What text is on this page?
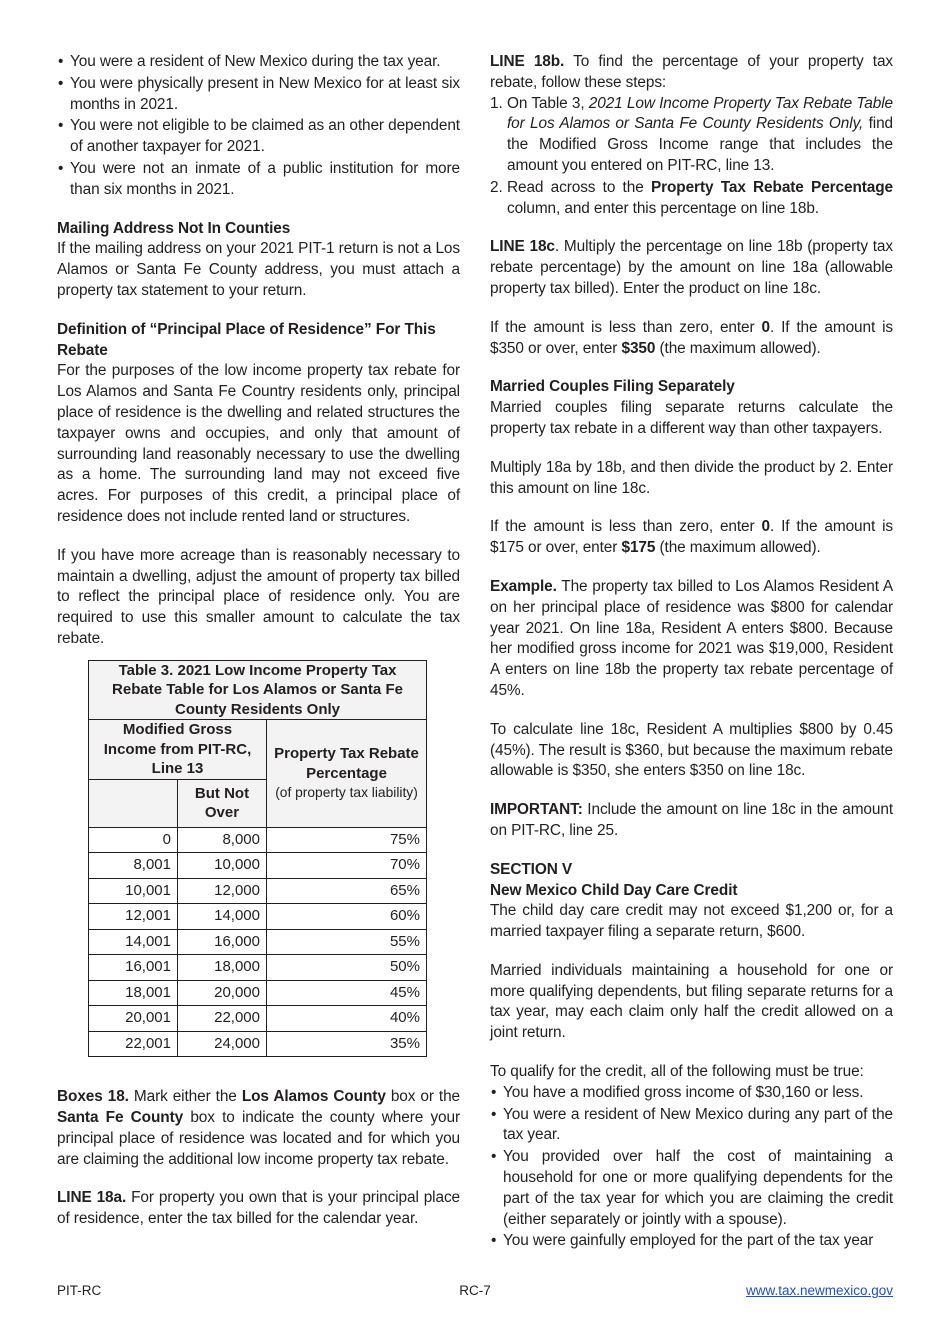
• You were a resident of New Mexico during the tax year.
• You were physically present in New Mexico for at least six months in 2021.
• You were not eligible to be claimed as an other dependent of another taxpayer for 2021.
• You were not an inmate of a public institution for more than six months in 2021.
Mailing Address Not In Counties

If the mailing address on your 2021 PIT-1 return is not a Los Alamos or Santa Fe County address, you must attach a property tax statement to your return.

Definition of “Principal Place of Residence” For This Rebate

For the purposes of the low income property tax rebate for Los Alamos and Santa Fe Country residents only, principal place of residence is the dwelling and related structures the taxpayer owns and occupies, and only that amount of surrounding land reasonably necessary to use the dwelling as a home. The surrounding land may not exceed five acres. For purposes of this credit, a principal place of residence does not include rented land or structures.

If you have more acreage than is reasonably necessary to maintain a dwelling, adjust the amount of property tax billed to reflect the principal place of residence only. You are required to use this smaller amount to calculate the tax rebate.

Table 3. 2021 Low Income Property Tax Rebate Table for Los Alamos or Santa Fe County Residents Only		
Modified Gross Income from PIT-RC, Line 13		Property Tax Rebate Percentage
(of property tax liability)

	But Not Over	
0	8,000	75%
8,001	10,000	70%
10,001	12,000	65%
12,001	14,000	60%
14,001	16,000	55%
16,001	18,000	50%
18,001	20,000	45%
20,001	22,000	40%
22,001	24,000	35%

Boxes 18. Mark either the Los Alamos County box or the Santa Fe County box to indicate the county where your principal place of residence was located and for which you are claiming the additional low income property tax rebate.

LINE 18a. For property you own that is your principal place of residence, enter the tax billed for the calendar year.

LINE 18b. To find the percentage of your property tax rebate, follow these steps:

1. On Table 3, 2021 Low Income Property Tax Rebate Table for Los Alamos or Santa Fe County Residents Only, find the Modified Gross Income range that includes the amount you entered on PIT-RC, line 13.
2. Read across to the Property Tax Rebate Percentage column, and enter this percentage on line 18b.

LINE 18c. Multiply the percentage on line 18b (property tax rebate percentage) by the amount on line 18a (allowable property tax billed). Enter the product on line 18c.

If the amount is less than zero, enter 0. If the amount is $350 or over, enter $350 (the maximum allowed).

Married Couples Filing Separately

Married couples filing separate returns calculate the property tax rebate in a different way than other taxpayers.

Multiply 18a by 18b, and then divide the product by 2. Enter this amount on line 18c.

If the amount is less than zero, enter 0. If the amount is $175 or over, enter $175 (the maximum allowed).

Example. The property tax billed to Los Alamos Resident A on her principal place of residence was $800 for calendar year 2021. On line 18a, Resident A enters $800. Because her modified gross income for 2021 was $19,000, Resident A enters on line 18b the property tax rebate percentage of 45%.

To calculate line 18c, Resident A multiplies $800 by 0.45 (45%). The result is $360, but because the maximum rebate allowable is $350, she enters $350 on line 18c.

IMPORTANT: Include the amount on line 18c in the amount on PIT-RC, line 25.

SECTION V
New Mexico Child Day Care Credit

The child day care credit may not exceed $1,200 or, for a married taxpayer filing a separate return, $600.

Married individuals maintaining a household for one or more qualifying dependents, but filing separate returns for a tax year, may each claim only half the credit allowed on a joint return.

To qualify for the credit, all of the following must be true:

• You have a modified gross income of $30,160 or less.
• You were a resident of New Mexico during any part of the tax year.
• You provided over half the cost of maintaining a household for one or more qualifying dependents for the part of the tax year for which you are claiming the credit (either separately or jointly with a spouse).
• You were gainfully employed for the part of the tax year
PIT-RC	RC-7	www.tax.newmexico.gov
